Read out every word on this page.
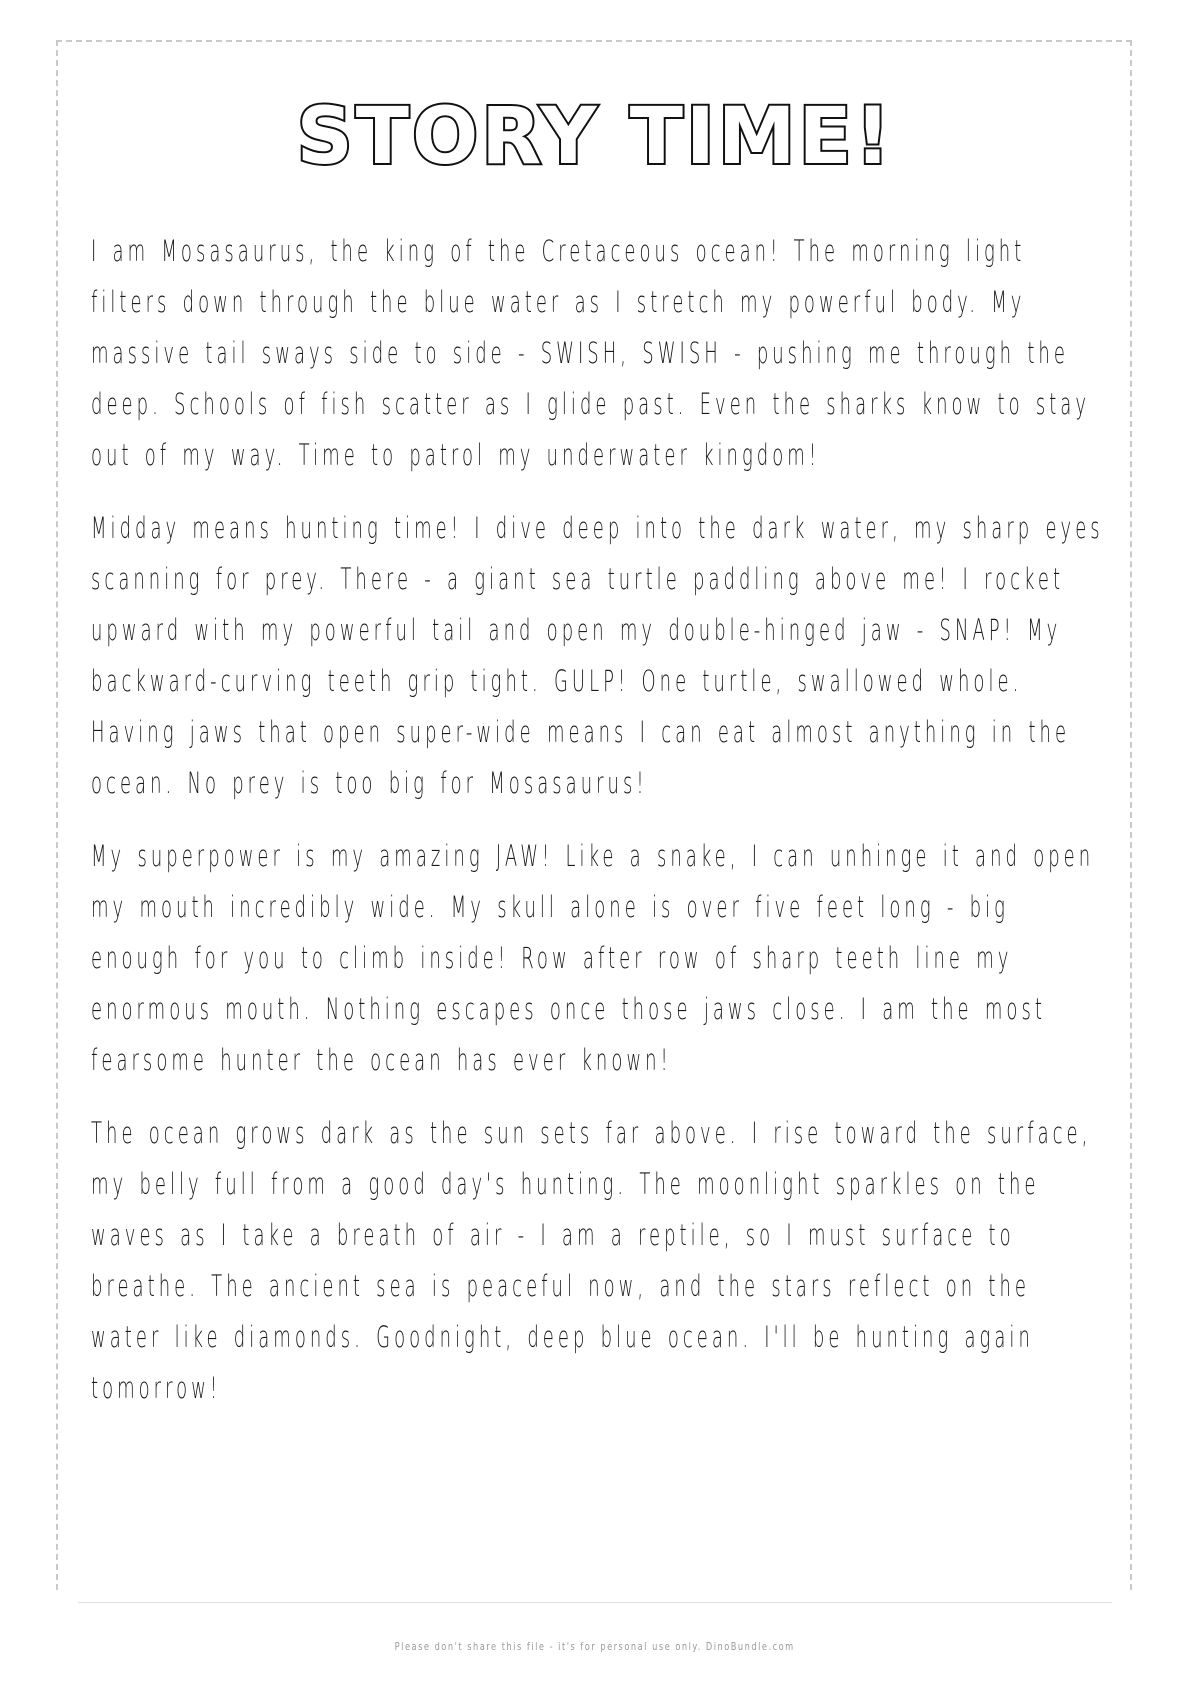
STORY TIME!

I am Mosasaurus, the king of the Cretaceous ocean! The morning light filters down through the blue water as I stretch my powerful body. My massive tail sways side to side - SWISH, SWISH - pushing me through the deep. Schools of fish scatter as I glide past. Even the sharks know to stay out of my way. Time to patrol my underwater kingdom!

Midday means hunting time! I dive deep into the dark water, my sharp eyes scanning for prey. There - a giant sea turtle paddling above me! I rocket upward with my powerful tail and open my double-hinged jaw - SNAP! My backward-curving teeth grip tight. GULP! One turtle, swallowed whole. Having jaws that open super-wide means I can eat almost anything in the ocean. No prey is too big for Mosasaurus!

My superpower is my amazing JAW! Like a snake, I can unhinge it and open my mouth incredibly wide. My skull alone is over five feet long - big enough for you to climb inside! Row after row of sharp teeth line my enormous mouth. Nothing escapes once those jaws close. I am the most fearsome hunter the ocean has ever known!

The ocean grows dark as the sun sets far above. I rise toward the surface, my belly full from a good day's hunting. The moonlight sparkles on the waves as I take a breath of air - I am a reptile, so I must surface to breathe. The ancient sea is peaceful now, and the stars reflect on the water like diamonds. Goodnight, deep blue ocean. I'll be hunting again tomorrow!

Please don't share this file - it's for personal use only. DinoBundle.com
